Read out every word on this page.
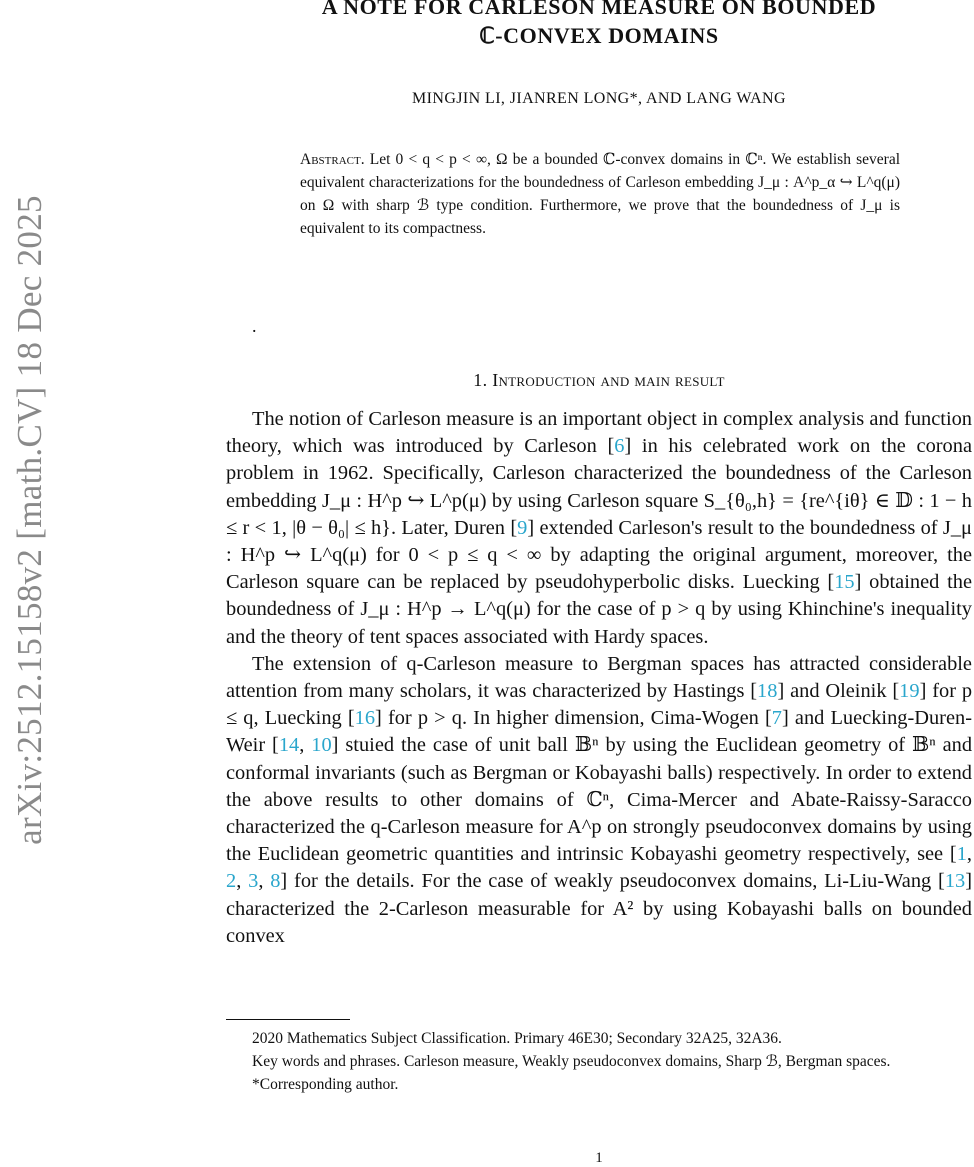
arXiv:2512.15158v2 [math.CV] 18 Dec 2025
A NOTE FOR CARLESON MEASURE ON BOUNDED
ℂ-CONVEX DOMAINS
MINGJIN LI, JIANREN LONG*, AND LANG WANG
Abstract. Let 0 < q < p < ∞, Ω be a bounded ℂ-convex domains in ℂⁿ. We establish several equivalent characterizations for the boundedness of Carleson embedding J_μ : A^p_α ↪ L^q(μ) on Ω with sharp ℬ type condition. Furthermore, we prove that the boundedness of J_μ is equivalent to its compactness.
.
1. Introduction and main result

The notion of Carleson measure is an important object in complex analysis and function theory, which was introduced by Carleson [6] in his celebrated work on the corona problem in 1962. Specifically, Carleson characterized the boundedness of the Carleson embedding J_μ : H^p ↪ L^p(μ) by using Carleson square S_{θ₀,h} = {re^{iθ} ∈ 𝔻 : 1 − h ≤ r < 1, |θ − θ₀| ≤ h}. Later, Duren [9] extended Carleson's result to the boundedness of J_μ : H^p ↪ L^q(μ) for 0 < p ≤ q < ∞ by adapting the original argument, moreover, the Carleson square can be replaced by pseudohyperbolic disks. Luecking [15] obtained the boundedness of J_μ : H^p → L^q(μ) for the case of p > q by using Khinchine's inequality and the theory of tent spaces associated with Hardy spaces.

The extension of q-Carleson measure to Bergman spaces has attracted considerable attention from many scholars, it was characterized by Hastings [18] and Oleinik [19] for p ≤ q, Luecking [16] for p > q. In higher dimension, Cima-Wogen [7] and Luecking-Duren-Weir [14, 10] stuied the case of unit ball 𝔹ⁿ by using the Euclidean geometry of 𝔹ⁿ and conformal invariants (such as Bergman or Kobayashi balls) respectively. In order to extend the above results to other domains of ℂⁿ, Cima-Mercer and Abate-Raissy-Saracco characterized the q-Carleson measure for A^p on strongly pseudoconvex domains by using the Euclidean geometric quantities and intrinsic Kobayashi geometry respectively, see [1, 2, 3, 8] for the details. For the case of weakly pseudoconvex domains, Li-Liu-Wang [13] characterized the 2-Carleson measurable for A² by using Kobayashi balls on bounded convex

2020 Mathematics Subject Classification. Primary 46E30; Secondary 32A25, 32A36.

Key words and phrases. Carleson measure, Weakly pseudoconvex domains, Sharp ℬ, Bergman spaces.

*Corresponding author.

1
